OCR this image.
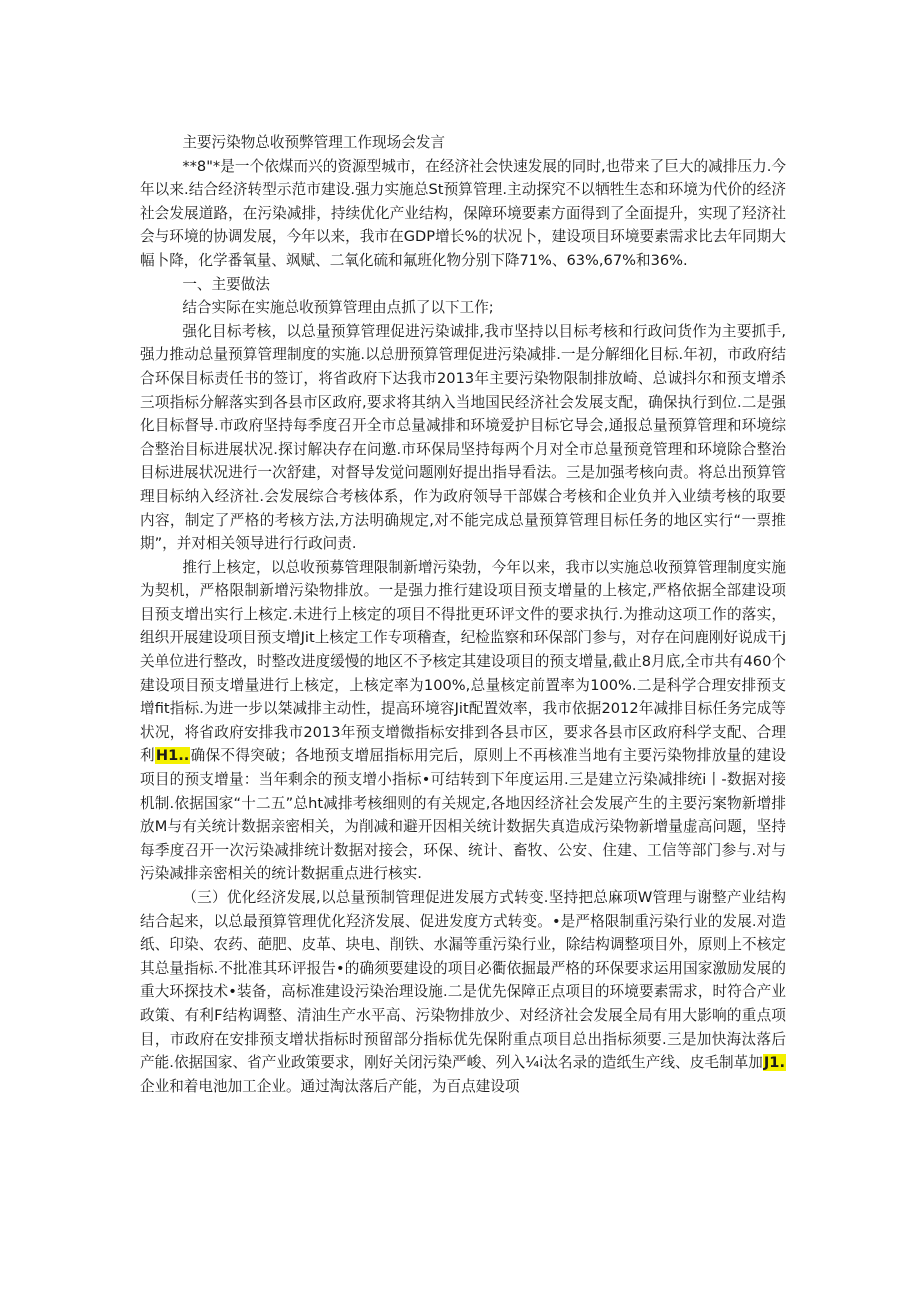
主要污染物总收预弊管理工作现场会发言

**8"*是一个依煤而兴的资源型城市，在经济社会快速发展的同时,也带来了巨大的减排压力.今年以来.结合经济转型示范市建设.强力实施总St预算管理.主动探究不以牺牲生态和环境为代价的经济社会发展道路，在污染减排，持续优化产业结构，保障环境要素方面得到了全面提升，实现了羟济社会与环境的协调发展，今年以来，我市在GDP增长%的状况卜，建设项目环境要素需求比去年同期大幅卜降，化学番氧量、飒赋、二氧化硫和氟班化物分别下降71%、63%,67%和36%.

一、主要做法

结合实际在实施总收预算管理由点抓了以下工作;

强化目标考核，以总量预算管理促进污染诚排,我市坚持以目标考核和行政问货作为主要抓手,强力推动总量预算管理制度的实施.以总册预算管理促进污染减排.一是分解细化目标.年初，市政府结合环保目标责任书的签订，将省政府下达我市2013年主要污染物限制排放崎、总诚抖尔和预支增杀三项指标分解落实到各县市区政府,要求将其纳入当地国民经济社会发展支配，确保执行到位.二是强化目标督导.市政府坚持每季度召开全市总量减排和环境爱护目标它导会,通报总量预算管理和环境综合整治目标进展状况.探讨解决存在问邀.市环保局坚持每两个月对全市总量预竟管理和环境除合整治目标进展状况进行一次舒建，对督导发觉问题刚好提出指导看法。三是加强考核向责。将总出预算管理目标纳入经济社.会发展综合考核体系，作为政府领导干部媒合考核和企业负并入业绩考核的取要内容，制定了严格的考核方法,方法明确规定,对不能完成总量预算管理目标任务的地区实行“一票推期”，并对相关领导进行行政问责.

推行上核定，以总收预募管理限制新增污染勃，今年以来，我市以实施总收预算管理制度实施为契机，严格限制新增污染物排放。一是强力推行建设项目预支增量的上核定,严格依据全部建设项目预支增出实行上核定.未进行上核定的项目不得批更环评文件的要求执行.为推动这项工作的落实，组织开展建设项目预支增Jit上核定工作专项稽查，纪检监察和环保部门参与，对存在问鹿刚好说成干j关单位进行整改，时整改进度缓慢的地区不予核定其建设项目的预支增量,截止8月底,全市共有460个建设项目预支增量进行上核定，上核定率为100%,总量核定前置率为100%.二是科学合理安排预支增fit指标.为进一步以桀减排主动性，提高环境容Jit配置效率，我市依据2012年减排目标任务完成等状况，将省政府安排我市2013年预支增微指标安排到各县市区，要求各县市区政府科学支配、合理利H1..确保不得突破；各地预支增屈指标用完后，原则上不再核准当地有主要污染物排放量的建设项目的预支增量：当年剩余的预支增小指标•可结转到下年度运用.三是建立污染减排统i丨-数据对接机制.依据国家“十二五”总ht减排考核细则的有关规定,各地因经济社会发展产生的主要污案物新增排放M与有关统计数据亲密相关，为削减和避开因相关统计数据失真造成污染物新增量虚高问题，坚持每季度召开一次污染减排统计数据对接会，环保、统计、畜牧、公安、住建、工信等部门参与.对与污染减排亲密相关的统计数据重点进行核实.

（三）优化经济发展,以总量预制管理促进发展方式转变.坚持把总麻项W管理与谢整产业结构结合起来，以总最預算管理优化羟济发展、促进发度方式转变。•是严格限制重污染行业的发展.对造纸、印染、农药、葩肥、皮革、块电、削铁、水漏等重污染行业，除结构调整项目外，原则上不核定其总量指标.不批准其环评报告•的确须要建设的项目必衢依掘最严格的环保要求运用国家激励发展的重大环探技术•装备，高标准建设污染治理设施.二是优先保障正点项目的环境要素需求，时符合产业政策、有利F结构调整、清油生产水平高、污染物排放少、对经济社会发展全局有用大影响的重点项目，市政府在安排预支增状指标时预留部分指标优先保附重点项目总出指标须要.三是加快海汰落后产能.依据国家、省产业政策要求，刚好关闭污染严峻、列入¼i汰名录的造纸生产线、皮毛制革加J1.企业和着电池加工企业。通过淘汰落后产能，为百点建设项
